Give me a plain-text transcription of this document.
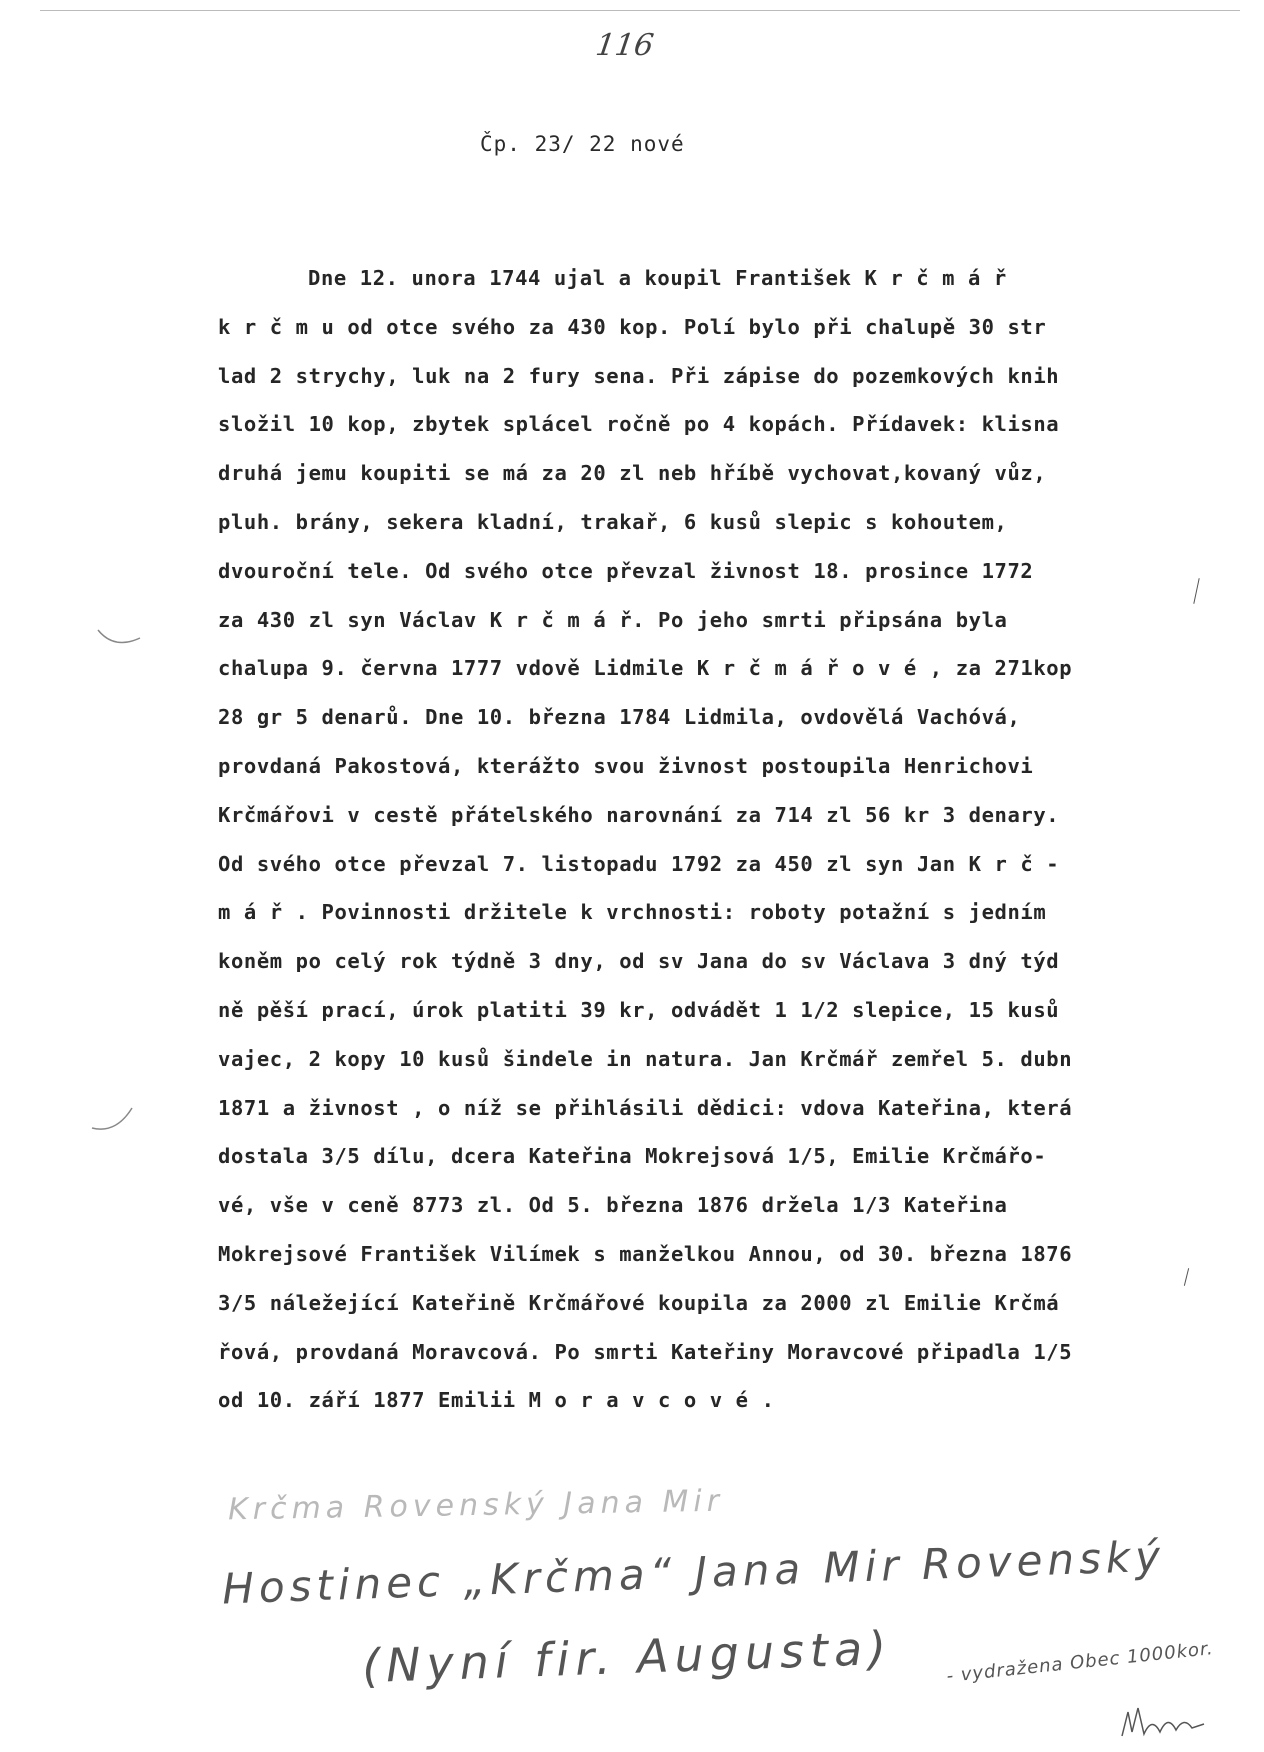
116
Čp. 23/ 22 nové
Dne 12. unora 1744 ujal a koupil František K r č m á ř
k r č m u od otce svého za 430 kop. Polí bylo při chalupě 30 str
lad 2 strychy, luk na 2 fury sena. Při zápise do pozemkových knih
složil 10 kop, zbytek splácel ročně po 4 kopách. Přídavek: klisna
druhá jemu koupiti se má za 20 zl neb hříbě vychovat,kovaný vůz,
pluh. brány, sekera kladní, trakař, 6 kusů slepic s kohoutem,
dvouroční tele. Od svého otce převzal živnost 18. prosince 1772
za 430 zl syn Václav K r č m á ř. Po jeho smrti připsána byla
chalupa 9. června 1777 vdově Lidmile K r č m á ř o v é , za 271kop
28 gr 5 denarů. Dne 10. března 1784 Lidmila, ovdovělá Vachóvá,
provdaná Pakostová, kterážto svou živnost postoupila Henrichovi
Krčmářovi v cestě přátelského narovnání za 714 zl 56 kr 3 denary.
Od svého otce převzal 7. listopadu 1792 za 450 zl syn Jan K r č -
m á ř . Povinnosti držitele k vrchnosti: roboty potažní s jedním
koněm po celý rok týdně 3 dny, od sv Jana do sv Václava 3 dný týd
ně pěší prací, úrok platiti 39 kr, odvádět 1 1/2 slepice, 15 kusů
vajec, 2 kopy 10 kusů šindele in natura. Jan Krčmář zemřel 5. dubn
1871 a živnost , o níž se přihlásili dědici: vdova Kateřina, která
dostala 3/5 dílu, dcera Kateřina Mokrejsová 1/5, Emilie Krčmářo-
vé, vše v ceně 8773 zl. Od 5. března 1876 držela 1/3 Kateřina
Mokrejsové František Vilímek s manželkou Annou, od 30. března 1876
3/5 náležející Kateřině Krčmářové koupila za 2000 zl Emilie Krčmá
řová, provdaná Moravcová. Po smrti Kateřiny Moravcové připadla 1/5
od 10. září 1877 Emilii M o r a v c o v é .
Krčma Rovenský Jana Mir
Hostinec „Krčma“ Jana Mir Rovenský
(Nyní fir. Augusta)	- vydražena Obec 1000kor.
